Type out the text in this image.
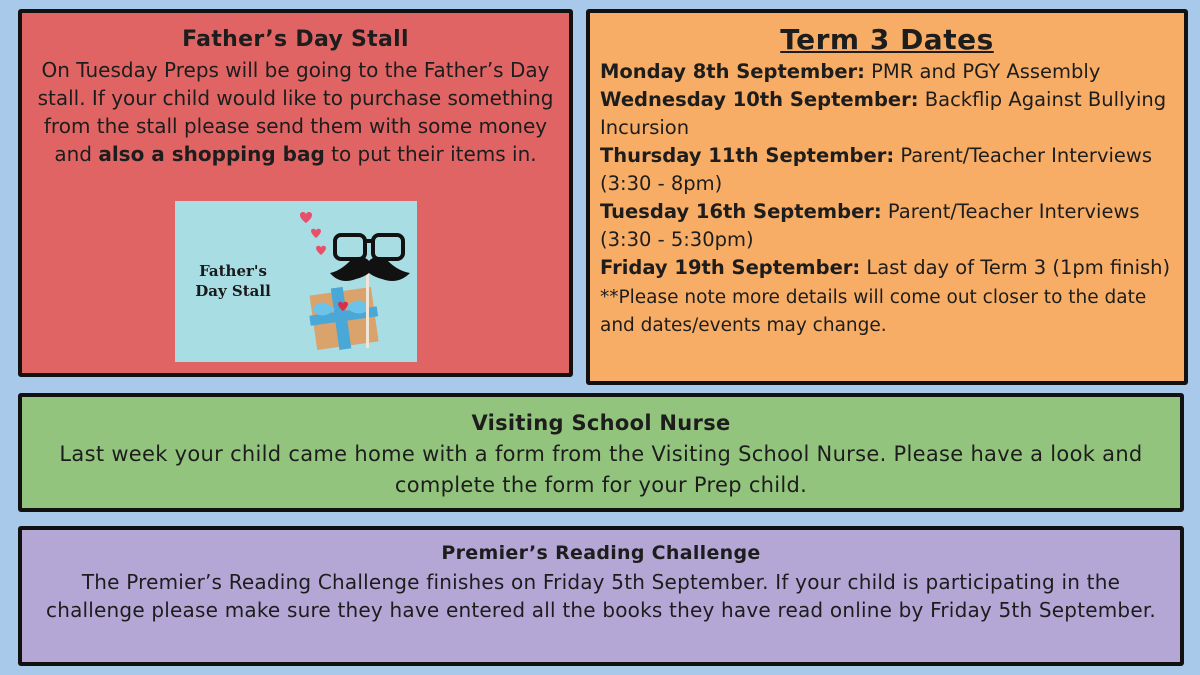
Father’s Day Stall
On Tuesday Preps will be going to the Father’s Day stall. If your child would like to purchase something from the stall please send them with some money and also a shopping bag to put their items in.
Father's Day Stall
Term 3 Dates
Monday 8th September: PMR and PGY Assembly
Wednesday 10th September: Backflip Against Bullying Incursion
Thursday 11th September: Parent/Teacher Interviews (3:30 - 8pm)
Tuesday 16th September: Parent/Teacher Interviews (3:30 - 5:30pm)
Friday 19th September: Last day of Term 3 (1pm finish)
**Please note more details will come out closer to the date and dates/events may change.
Visiting School Nurse
Last week your child came home with a form from the Visiting School Nurse. Please have a look and complete the form for your Prep child.
Premier’s Reading Challenge
The Premier’s Reading Challenge finishes on Friday 5th September. If your child is participating in the challenge please make sure they have entered all the books they have read online by Friday 5th September.
